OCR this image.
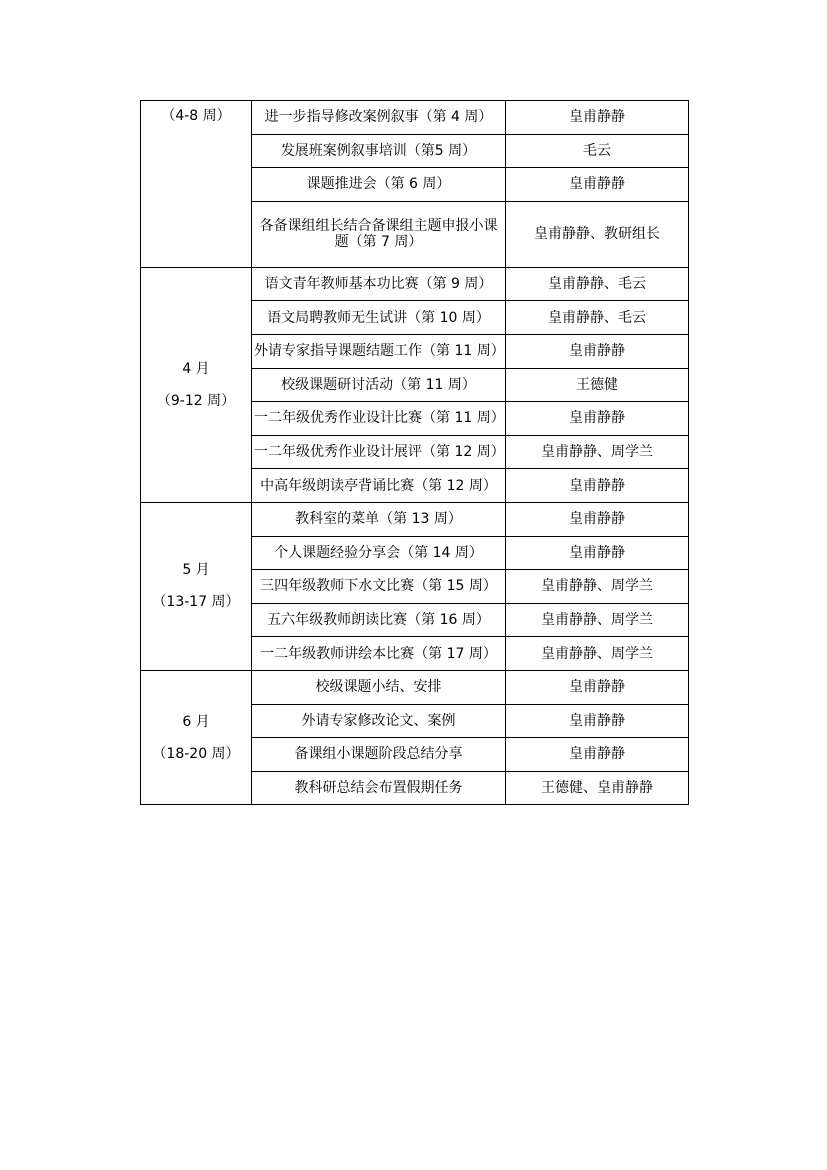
（4-8 周）	进一步指导修改案例叙事（第 4 周）	皇甫静静
	发展班案例叙事培训（第5 周）	毛云
	课题推进会（第 6 周）	皇甫静静
	各备课组组长结合备课组主题申报小课题（第 7 周）	皇甫静静、教研组长

4 月
（9-12 周）	语文青年教师基本功比赛（第 9 周）	皇甫静静、毛云
	语文局聘教师无生试讲（第 10 周）	皇甫静静、毛云
	外请专家指导课题结题工作（第 11 周）	皇甫静静
	校级课题研讨活动（第 11 周）	王德健
	一二年级优秀作业设计比赛（第 11 周）	皇甫静静
	一二年级优秀作业设计展评（第 12 周）	皇甫静静、周学兰
	中高年级朗读亭背诵比赛（第 12 周）	皇甫静静

5 月
（13-17 周）	教科室的菜单（第 13 周）	皇甫静静
	个人课题经验分享会（第 14 周）	皇甫静静
	三四年级教师下水文比赛（第 15 周）	皇甫静静、周学兰
	五六年级教师朗读比赛（第 16 周）	皇甫静静、周学兰
	一二年级教师讲绘本比赛（第 17 周）	皇甫静静、周学兰

6 月
（18-20 周）	校级课题小结、安排	皇甫静静
	外请专家修改论文、案例	皇甫静静
	备课组小课题阶段总结分享	皇甫静静
	教科研总结会布置假期任务	王德健、皇甫静静
